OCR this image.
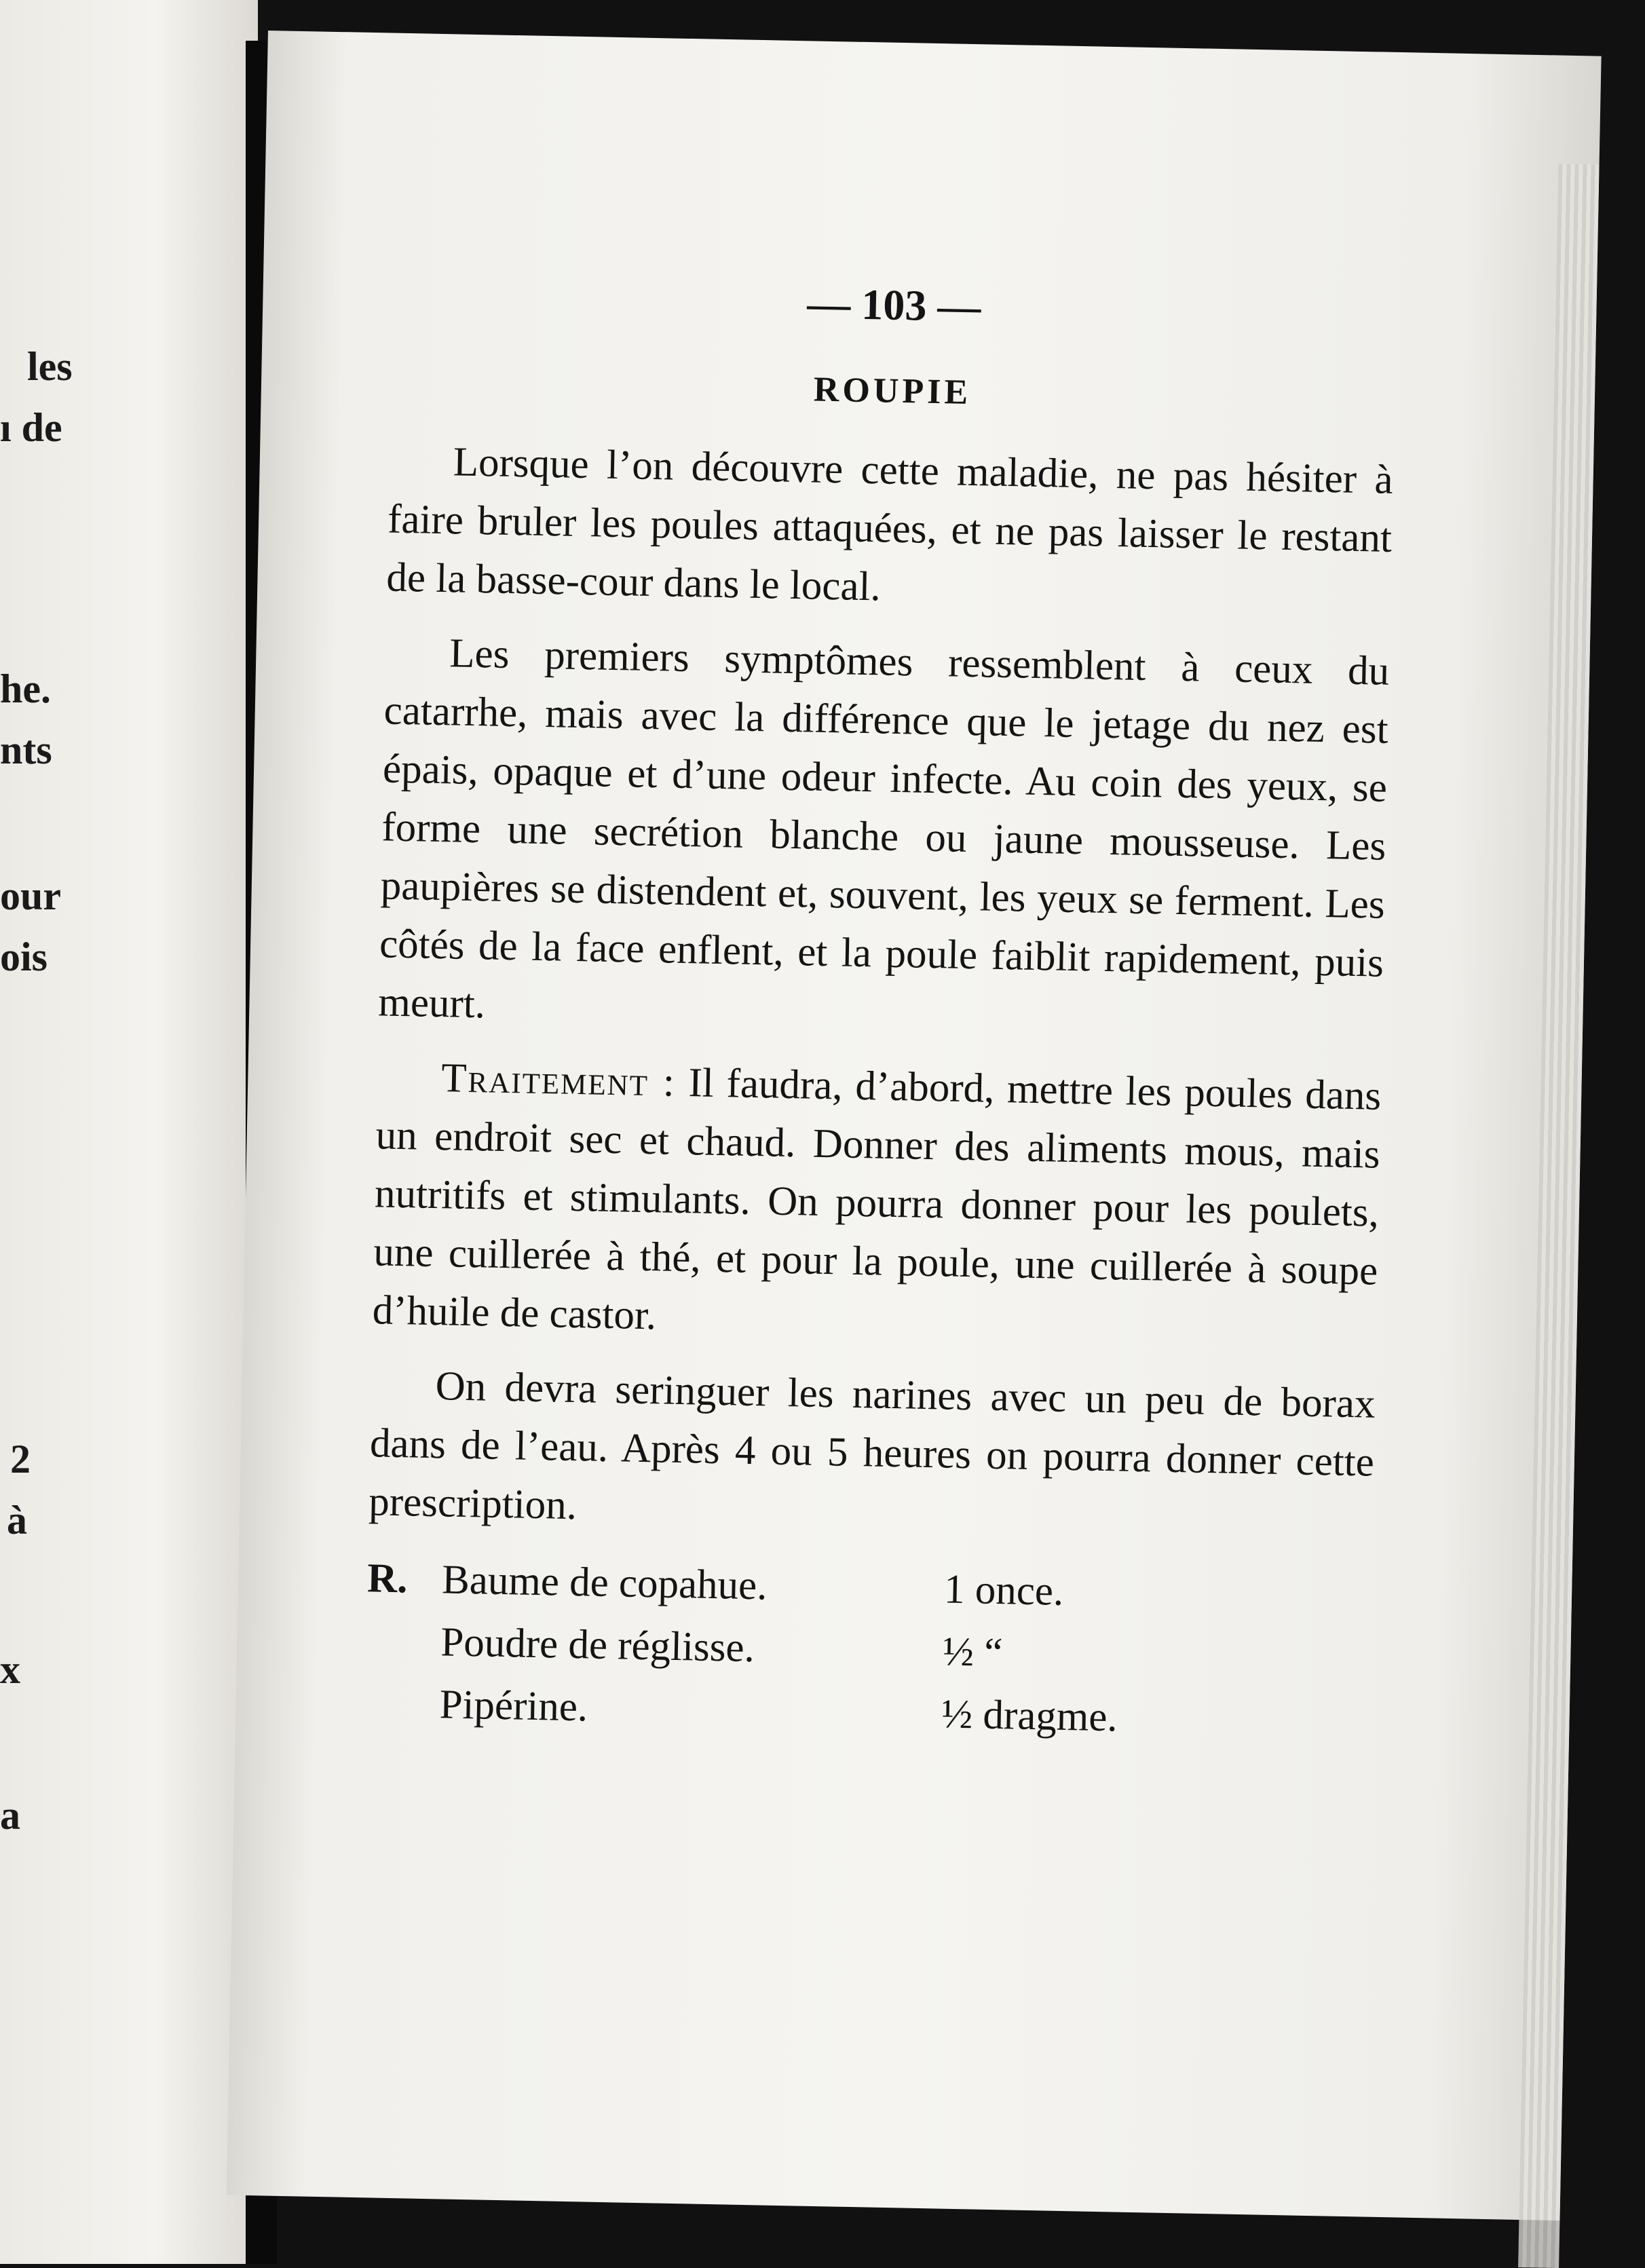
les
ı de
he.
nts
our
ois
2
à
x
a
— 103 —
ROUPIE

Lorsque l’on découvre cette maladie, ne pas hésiter à faire bruler les poules attaquées, et ne pas laisser le restant de la basse-cour dans le local.

Les premiers symptômes ressemblent à ceux du catarrhe, mais avec la différence que le jetage du nez est épais, opaque et d’une odeur infecte. Au coin des yeux, se forme une secrétion blanche ou jaune mousseuse. Les paupières se distendent et, souvent, les yeux se ferment. Les côtés de la face enflent, et la poule faiblit rapidement, puis meurt.

Traitement : Il faudra, d’abord, mettre les poules dans un endroit sec et chaud. Donner des aliments mous, mais nutritifs et stimulants. On pourra donner pour les poulets, une cuillerée à thé, et pour la poule, une cuillerée à soupe d’huile de castor.

On devra seringuer les narines avec un peu de borax dans de l’eau. Après 4 ou 5 heures on pourra donner cette prescription.

R. Baume de copahue.	1 once.
Poudre de réglisse.	½ “
Pipérine.	½ dragme.
